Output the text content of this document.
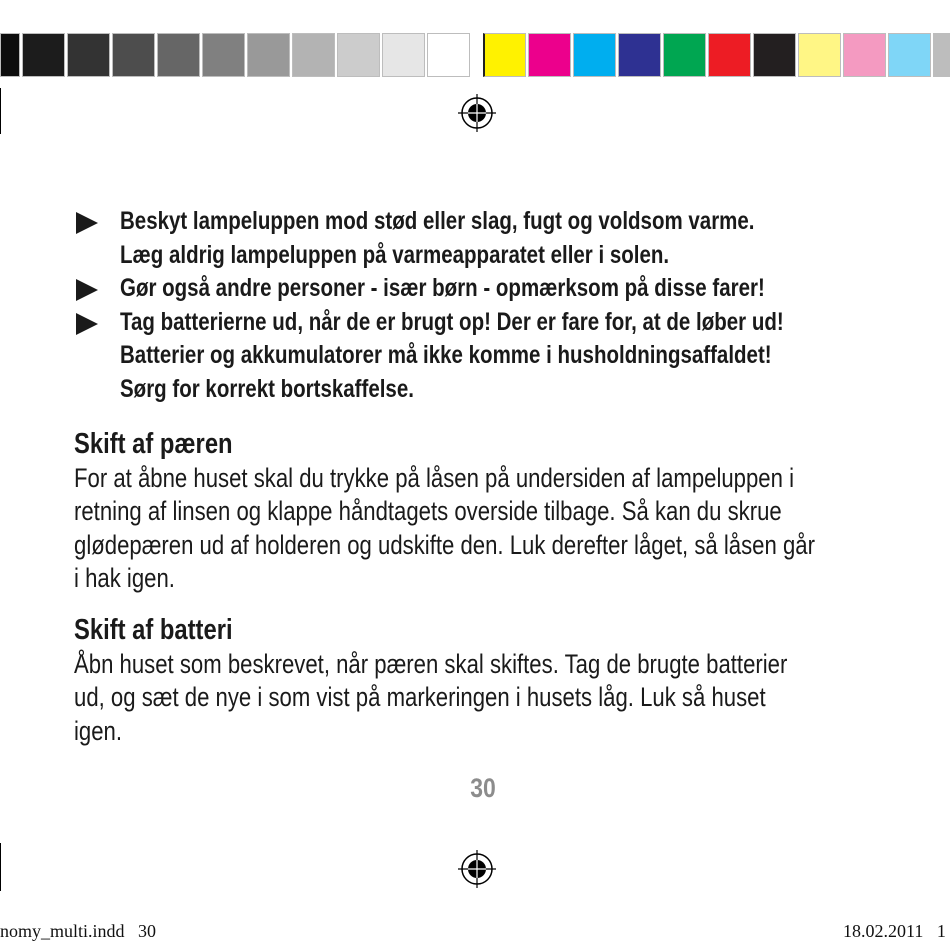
Beskyt lampeluppen mod stød eller slag, fugt og voldsom varme.
Læg aldrig lampeluppen på varmeapparatet eller i solen.
Gør også andre personer - især børn - opmærksom på disse farer!
Tag batterierne ud, når de er brugt op! Der er fare for, at de løber ud!
Batterier og akkumulatorer må ikke komme i husholdningsaffaldet!
Sørg for korrekt bortskaffelse.
Skift af pæren

For at åbne huset skal du trykke på låsen på undersiden af lampeluppen i
retning af linsen og klappe håndtagets overside tilbage. Så kan du skrue
glødepæren ud af holderen og udskifte den. Luk derefter låget, så låsen går
i hak igen.

Skift af batteri

Åbn huset som beskrevet, når pæren skal skiftes. Tag de brugte batterier
ud, og sæt de nye i som vist på markeringen i husets låg. Luk så huset
igen.

30
nomy_multi.indd   30	18.02.2011   1
